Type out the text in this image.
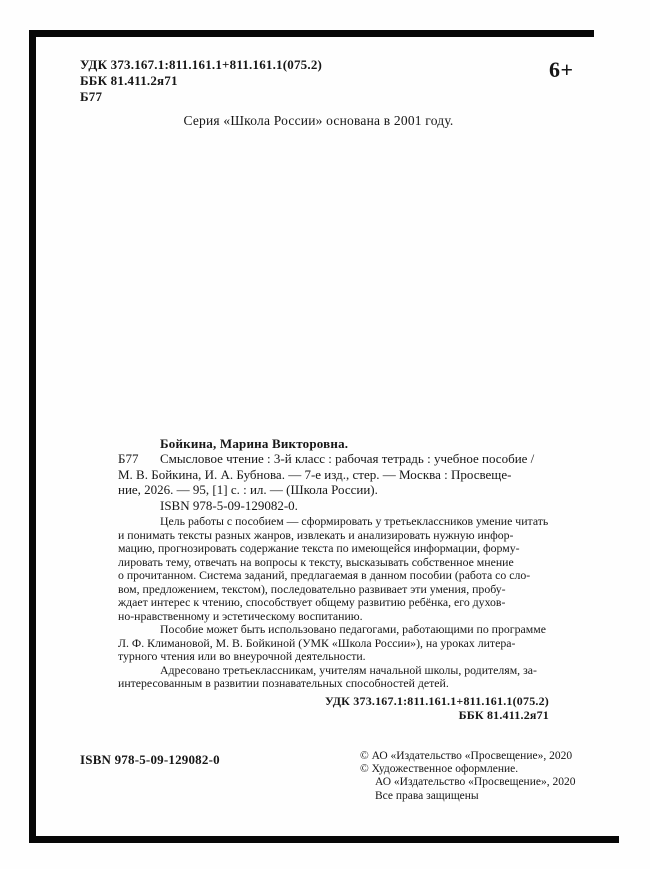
УДК 373.167.1:811.161.1+811.161.1(075.2)
ББК 81.411.2я71
Б77
6+
Серия «Школа России» основана в 2001 году.
Б77
Бойкина, Марина Викторовна.
Смысловое чтение : 3-й класс : рабочая тетрадь : учебное пособие /
М. В. Бойкина, И. А. Бубнова. — 7-е изд., стер. — Москва : Просвеще-
ние, 2026. — 95, [1] с. : ил. — (Школа России).
ISBN 978-5-09-129082-0.
Цель работы с пособием — сформировать у третьеклассников умение читать
и понимать тексты разных жанров, извлекать и анализировать нужную инфор-
мацию, прогнозировать содержание текста по имеющейся информации, форму-
лировать тему, отвечать на вопросы к тексту, высказывать собственное мнение
о прочитанном. Система заданий, предлагаемая в данном пособии (работа со сло-
вом, предложением, текстом), последовательно развивает эти умения, пробу-
ждает интерес к чтению, способствует общему развитию ребёнка, его духов-
но-нравственному и эстетическому воспитанию.
Пособие может быть использовано педагогами, работающими по программе
Л. Ф. Климановой, М. В. Бойкиной (УМК «Школа России»), на уроках литера-
турного чтения или во внеурочной деятельности.
Адресовано третьеклассникам, учителям начальной школы, родителям, за-
интересованным в развитии познавательных способностей детей.
УДК 373.167.1:811.161.1+811.161.1(075.2)
ББК 81.411.2я71
ISBN 978-5-09-129082-0	© АО «Издательство «Просвещение», 2020
© Художественное оформление.
АО «Издательство «Просвещение», 2020
Все права защищены
